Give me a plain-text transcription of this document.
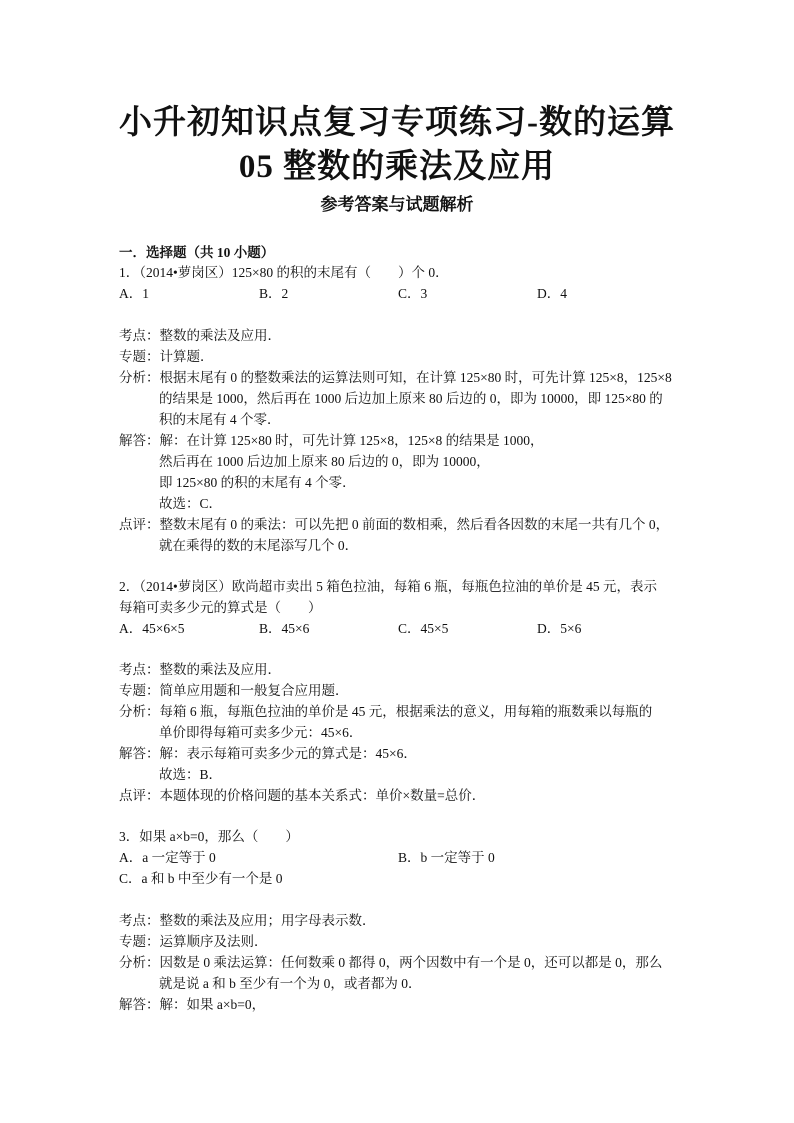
小升初知识点复习专项练习-数的运算
05 整数的乘法及应用
参考答案与试题解析
一．选择题（共 10 小题）
1．（2014•萝岗区）125×80 的积的末尾有（　　）个 0．
A．1	B．2	C．3	D．4
考点：整数的乘法及应用．
专题：计算题．
分析：根据末尾有 0 的整数乘法的运算法则可知，在计算 125×80 时，可先计算 125×8，125×8
的结果是 1000，然后再在 1000 后边加上原来 80 后边的 0，即为 10000，即 125×80 的
积的末尾有 4 个零．
解答：解：在计算 125×80 时，可先计算 125×8，125×8 的结果是 1000，
然后再在 1000 后边加上原来 80 后边的 0，即为 10000，
即 125×80 的积的末尾有 4 个零．
故选：C．
点评：整数末尾有 0 的乘法：可以先把 0 前面的数相乘，然后看各因数的末尾一共有几个 0，
就在乘得的数的末尾添写几个 0．
2．（2014•萝岗区）欧尚超市卖出 5 箱色拉油，每箱 6 瓶，每瓶色拉油的单价是 45 元，表示
每箱可卖多少元的算式是（　　）
A．45×6×5	B．45×6	C．45×5	D．5×6
考点：整数的乘法及应用．
专题：简单应用题和一般复合应用题．
分析：每箱 6 瓶，每瓶色拉油的单价是 45 元，根据乘法的意义，用每箱的瓶数乘以每瓶的
单价即得每箱可卖多少元：45×6．
解答：解：表示每箱可卖多少元的算式是：45×6．
故选：B．
点评：本题体现的价格问题的基本关系式：单价×数量=总价．
3．如果 a×b=0，那么（　　）
A．a 一定等于 0	B．b 一定等于 0
C．a 和 b 中至少有一个是 0
考点：整数的乘法及应用；用字母表示数．
专题：运算顺序及法则．
分析：因数是 0 乘法运算：任何数乘 0 都得 0，两个因数中有一个是 0，还可以都是 0，那么
就是说 a 和 b 至少有一个为 0，或者都为 0．
解答：解：如果 a×b=0，
